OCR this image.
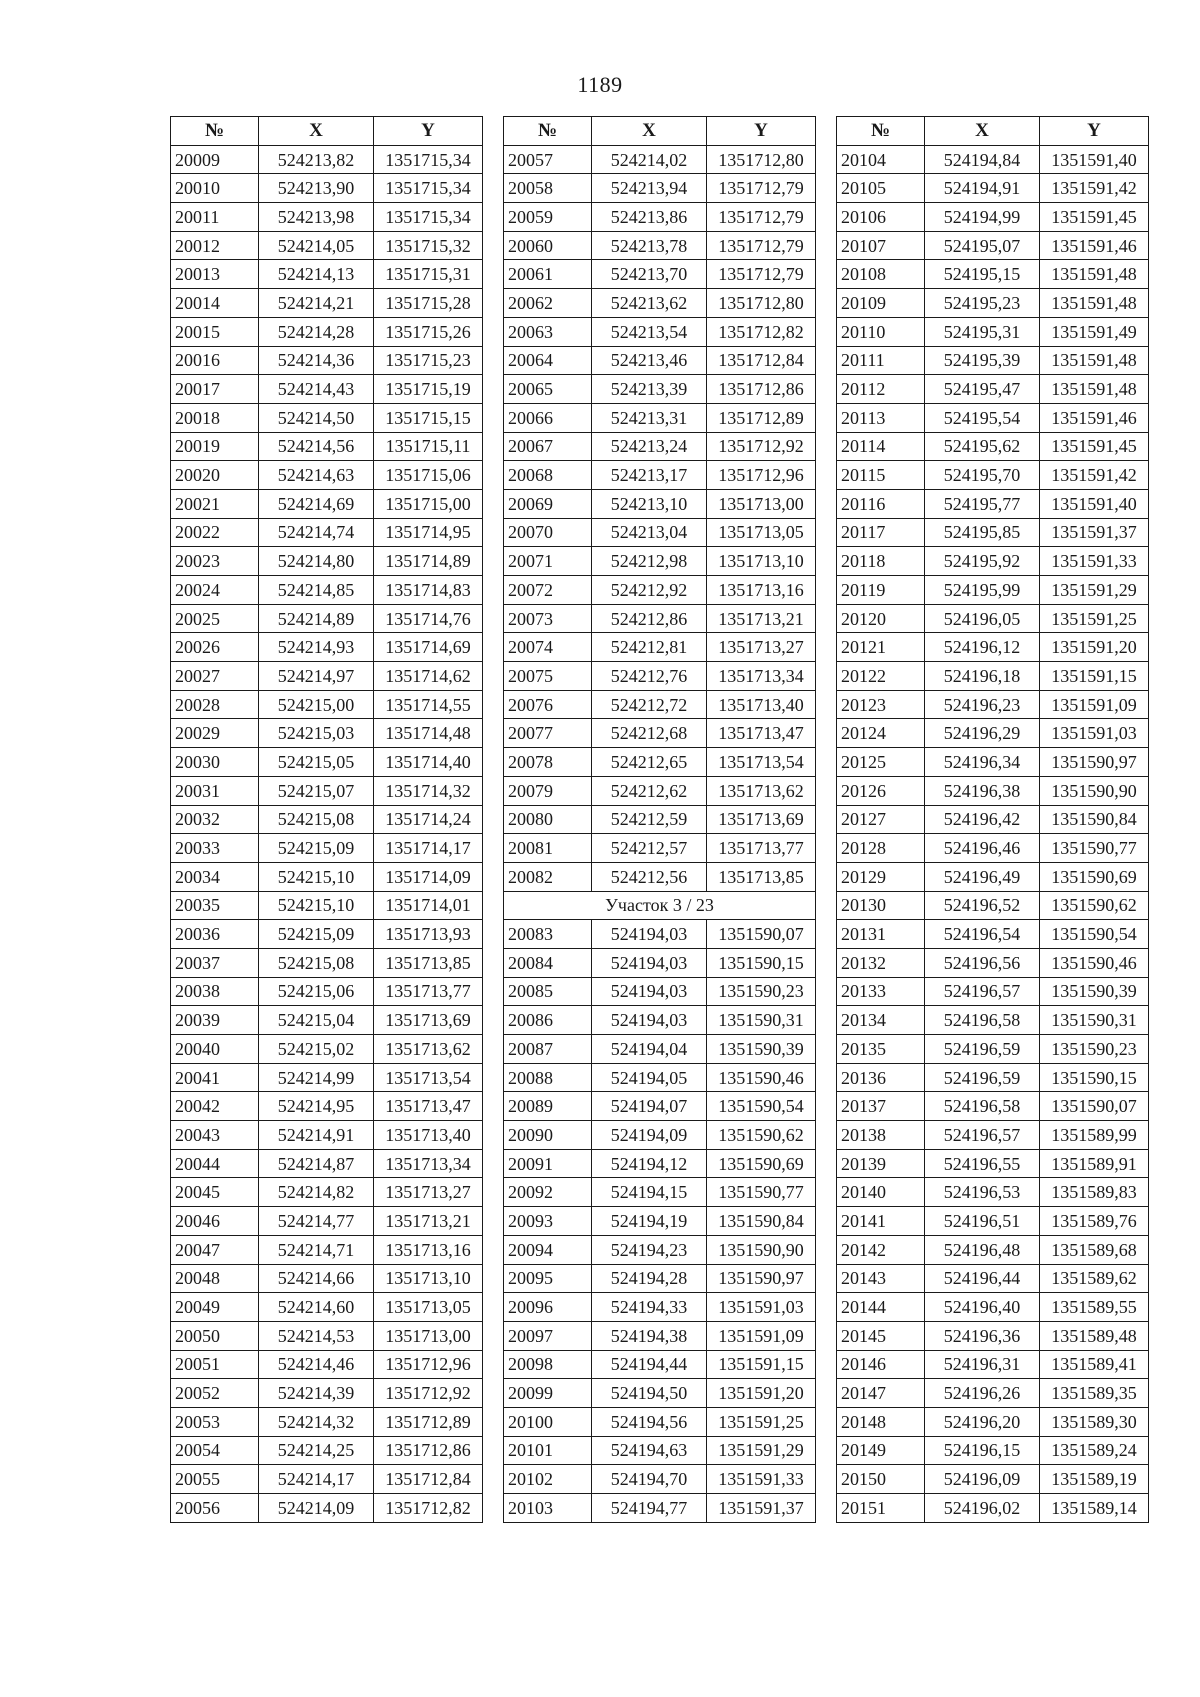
1189
№	X	Y
20009	524213,82	1351715,34
20010	524213,90	1351715,34
20011	524213,98	1351715,34
20012	524214,05	1351715,32
20013	524214,13	1351715,31
20014	524214,21	1351715,28
20015	524214,28	1351715,26
20016	524214,36	1351715,23
20017	524214,43	1351715,19
20018	524214,50	1351715,15
20019	524214,56	1351715,11
20020	524214,63	1351715,06
20021	524214,69	1351715,00
20022	524214,74	1351714,95
20023	524214,80	1351714,89
20024	524214,85	1351714,83
20025	524214,89	1351714,76
20026	524214,93	1351714,69
20027	524214,97	1351714,62
20028	524215,00	1351714,55
20029	524215,03	1351714,48
20030	524215,05	1351714,40
20031	524215,07	1351714,32
20032	524215,08	1351714,24
20033	524215,09	1351714,17
20034	524215,10	1351714,09
20035	524215,10	1351714,01
20036	524215,09	1351713,93
20037	524215,08	1351713,85
20038	524215,06	1351713,77
20039	524215,04	1351713,69
20040	524215,02	1351713,62
20041	524214,99	1351713,54
20042	524214,95	1351713,47
20043	524214,91	1351713,40
20044	524214,87	1351713,34
20045	524214,82	1351713,27
20046	524214,77	1351713,21
20047	524214,71	1351713,16
20048	524214,66	1351713,10
20049	524214,60	1351713,05
20050	524214,53	1351713,00
20051	524214,46	1351712,96
20052	524214,39	1351712,92
20053	524214,32	1351712,89
20054	524214,25	1351712,86
20055	524214,17	1351712,84
20056	524214,09	1351712,82
№	X	Y
20057	524214,02	1351712,80
20058	524213,94	1351712,79
20059	524213,86	1351712,79
20060	524213,78	1351712,79
20061	524213,70	1351712,79
20062	524213,62	1351712,80
20063	524213,54	1351712,82
20064	524213,46	1351712,84
20065	524213,39	1351712,86
20066	524213,31	1351712,89
20067	524213,24	1351712,92
20068	524213,17	1351712,96
20069	524213,10	1351713,00
20070	524213,04	1351713,05
20071	524212,98	1351713,10
20072	524212,92	1351713,16
20073	524212,86	1351713,21
20074	524212,81	1351713,27
20075	524212,76	1351713,34
20076	524212,72	1351713,40
20077	524212,68	1351713,47
20078	524212,65	1351713,54
20079	524212,62	1351713,62
20080	524212,59	1351713,69
20081	524212,57	1351713,77
20082	524212,56	1351713,85
Участок 3 / 23		
20083	524194,03	1351590,07
20084	524194,03	1351590,15
20085	524194,03	1351590,23
20086	524194,03	1351590,31
20087	524194,04	1351590,39
20088	524194,05	1351590,46
20089	524194,07	1351590,54
20090	524194,09	1351590,62
20091	524194,12	1351590,69
20092	524194,15	1351590,77
20093	524194,19	1351590,84
20094	524194,23	1351590,90
20095	524194,28	1351590,97
20096	524194,33	1351591,03
20097	524194,38	1351591,09
20098	524194,44	1351591,15
20099	524194,50	1351591,20
20100	524194,56	1351591,25
20101	524194,63	1351591,29
20102	524194,70	1351591,33
20103	524194,77	1351591,37
№	X	Y
20104	524194,84	1351591,40
20105	524194,91	1351591,42
20106	524194,99	1351591,45
20107	524195,07	1351591,46
20108	524195,15	1351591,48
20109	524195,23	1351591,48
20110	524195,31	1351591,49
20111	524195,39	1351591,48
20112	524195,47	1351591,48
20113	524195,54	1351591,46
20114	524195,62	1351591,45
20115	524195,70	1351591,42
20116	524195,77	1351591,40
20117	524195,85	1351591,37
20118	524195,92	1351591,33
20119	524195,99	1351591,29
20120	524196,05	1351591,25
20121	524196,12	1351591,20
20122	524196,18	1351591,15
20123	524196,23	1351591,09
20124	524196,29	1351591,03
20125	524196,34	1351590,97
20126	524196,38	1351590,90
20127	524196,42	1351590,84
20128	524196,46	1351590,77
20129	524196,49	1351590,69
20130	524196,52	1351590,62
20131	524196,54	1351590,54
20132	524196,56	1351590,46
20133	524196,57	1351590,39
20134	524196,58	1351590,31
20135	524196,59	1351590,23
20136	524196,59	1351590,15
20137	524196,58	1351590,07
20138	524196,57	1351589,99
20139	524196,55	1351589,91
20140	524196,53	1351589,83
20141	524196,51	1351589,76
20142	524196,48	1351589,68
20143	524196,44	1351589,62
20144	524196,40	1351589,55
20145	524196,36	1351589,48
20146	524196,31	1351589,41
20147	524196,26	1351589,35
20148	524196,20	1351589,30
20149	524196,15	1351589,24
20150	524196,09	1351589,19
20151	524196,02	1351589,14
